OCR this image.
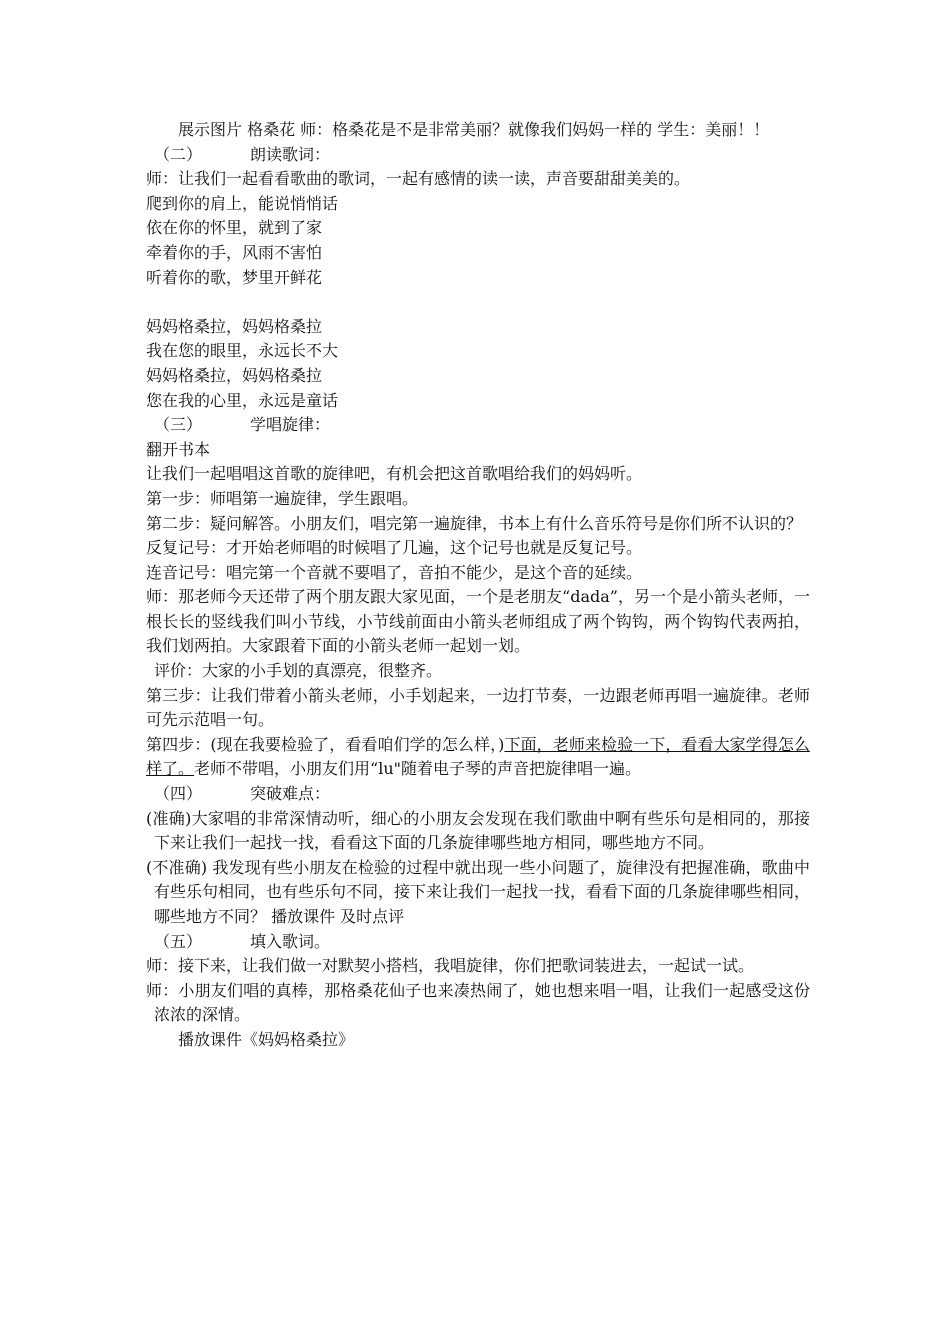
展示图片 格桑花 师：格桑花是不是非常美丽？就像我们妈妈一样的 学生：美丽！！

（二）	朗读歌词：

师：让我们一起看看歌曲的歌词，一起有感情的读一读，声音要甜甜美美的。

爬到你的肩上，能说悄悄话

依在你的怀里，就到了家

牵着你的手，风雨不害怕

听着你的歌，梦里开鲜花

妈妈格桑拉，妈妈格桑拉

我在您的眼里，永远长不大

妈妈格桑拉，妈妈格桑拉

您在我的心里，永远是童话

（三）	学唱旋律：

翻开书本

让我们一起唱唱这首歌的旋律吧，有机会把这首歌唱给我们的妈妈听。

第一步：师唱第一遍旋律，学生跟唱。

第二步：疑问解答。小朋友们，唱完第一遍旋律，书本上有什么音乐符号是你们所不认识的？

反复记号：才开始老师唱的时候唱了几遍，这个记号也就是反复记号。

连音记号：唱完第一个音就不要唱了，音拍不能少，是这个音的延续。

师：那老师今天还带了两个朋友跟大家见面，一个是老朋友“dada”，另一个是小箭头老师，一根长长的竖线我们叫小节线，小节线前面由小箭头老师组成了两个钩钩，两个钩钩代表两拍，我们划两拍。大家跟着下面的小箭头老师一起划一划。

评价：大家的小手划的真漂亮，很整齐。

第三步：让我们带着小箭头老师，小手划起来，一边打节奏，一边跟老师再唱一遍旋律。老师可先示范唱一句。

第四步：(现在我要检验了，看看咱们学的怎么样，)下面，老师来检验一下，看看大家学得怎么样了。老师不带唱，小朋友们用“lu"随着电子琴的声音把旋律唱一遍。

（四）	突破难点：

(准确)大家唱的非常深情动听，细心的小朋友会发现在我们歌曲中啊有些乐句是相同的，那接下来让我们一起找一找，看看这下面的几条旋律哪些地方相同，哪些地方不同。

(不准确) 我发现有些小朋友在检验的过程中就出现一些小问题了，旋律没有把握准确，歌曲中有些乐句相同，也有些乐句不同，接下来让我们一起找一找，看看下面的几条旋律哪些相同，哪些地方不同？ 播放课件 及时点评

（五）	填入歌词。

师：接下来，让我们做一对默契小搭档，我唱旋律，你们把歌词装进去，一起试一试。

师：小朋友们唱的真棒，那格桑花仙子也来凑热闹了，她也想来唱一唱，让我们一起感受这份浓浓的深情。

播放课件《妈妈格桑拉》
